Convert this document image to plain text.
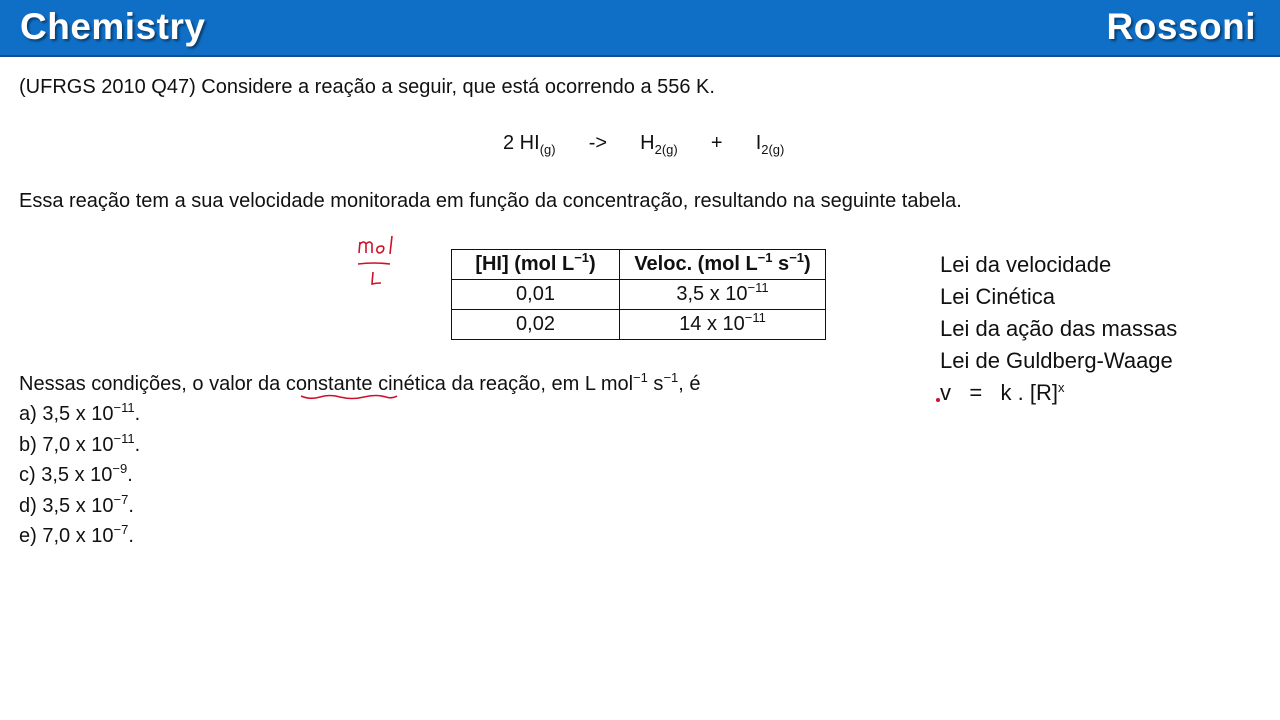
Chemistry	Rossoni
(UFRGS 2010 Q47) Considere a reação a seguir, que está ocorrendo a 556 K.
2 $HI_{(g)} -> H_{2(g)} + I_{2(g)}$
Essa reação tem a sua velocidade monitorada em função da concentração, resultando na seguinte tabela.
[HI] (mol $L^{-1}$)	Veloc. (mol $L^{-1}$ $s^{-1}$)
0,01	3,5 x $10^{-11}$
0,02	14 x $10^{-11}$
Lei da velocidade
Lei Cinética
Lei da ação das massas
Lei de Guldberg-Waage
v   =   k . $[R]^x$
Nessas condições, o valor da constante cinética da reação, em L mol$^{-1}$ $s^{-1}$, é
a) 3,5 x $10^{-11}$.
b) 7,0 x $10^{-11}$.
c) 3,5 x $10^{-9}$.
d) 3,5 x $10^{-7}$.
e) 7,0 x $10^{-7}$.
